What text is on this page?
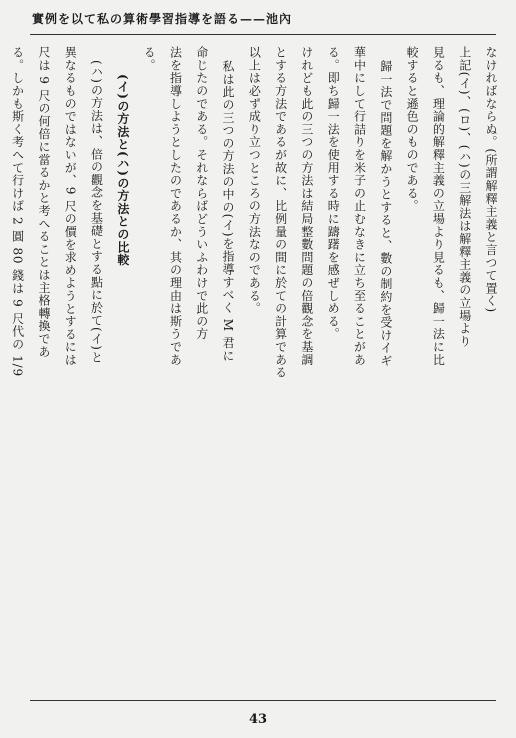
實例を以て私の算術學習指導を語る——池內
なければならぬ。(所謂解釋主義と言つて置く)
上記(イ)、(ロ)、(ハ)の三解法は解釋主義の立場より
見るも、理論的解釋主義の立場より見るも、歸一法に比
較すると遜色のものである。
歸一法で問題を解かうとすると、數の制約を受けイギ
華中にして行詰りを米子の止むなきに立ち至ることがあ
る。即ち歸一法を使用する時に躊躇を感ぜしめる。
けれども此の三つの方法は結局整數問題の倍觀念を基調
とする方法であるが故に、比例量の間に於ての計算である
以上は必ず成り立つところの方法なのである。
私は此の三つの方法の中の(イ)を指導すべく M 君に
命じたのである。それならばどういふわけで此の方
法を指導しようとしたのであるか、其の理由は斯うであ
る。
(イ)の方法と(ハ)の方法との比較
(ハ)の方法は、倍の觀念を基礎とする點に於て(イ)と
異なるものではないが、9 尺の價を求めようとするには
尺は 9 尺の何倍に當るかと考へることは主格轉換であ
る。しかも斯く考へて行けば 2 圓 80 錢は 9 尺代の 1/9
43
